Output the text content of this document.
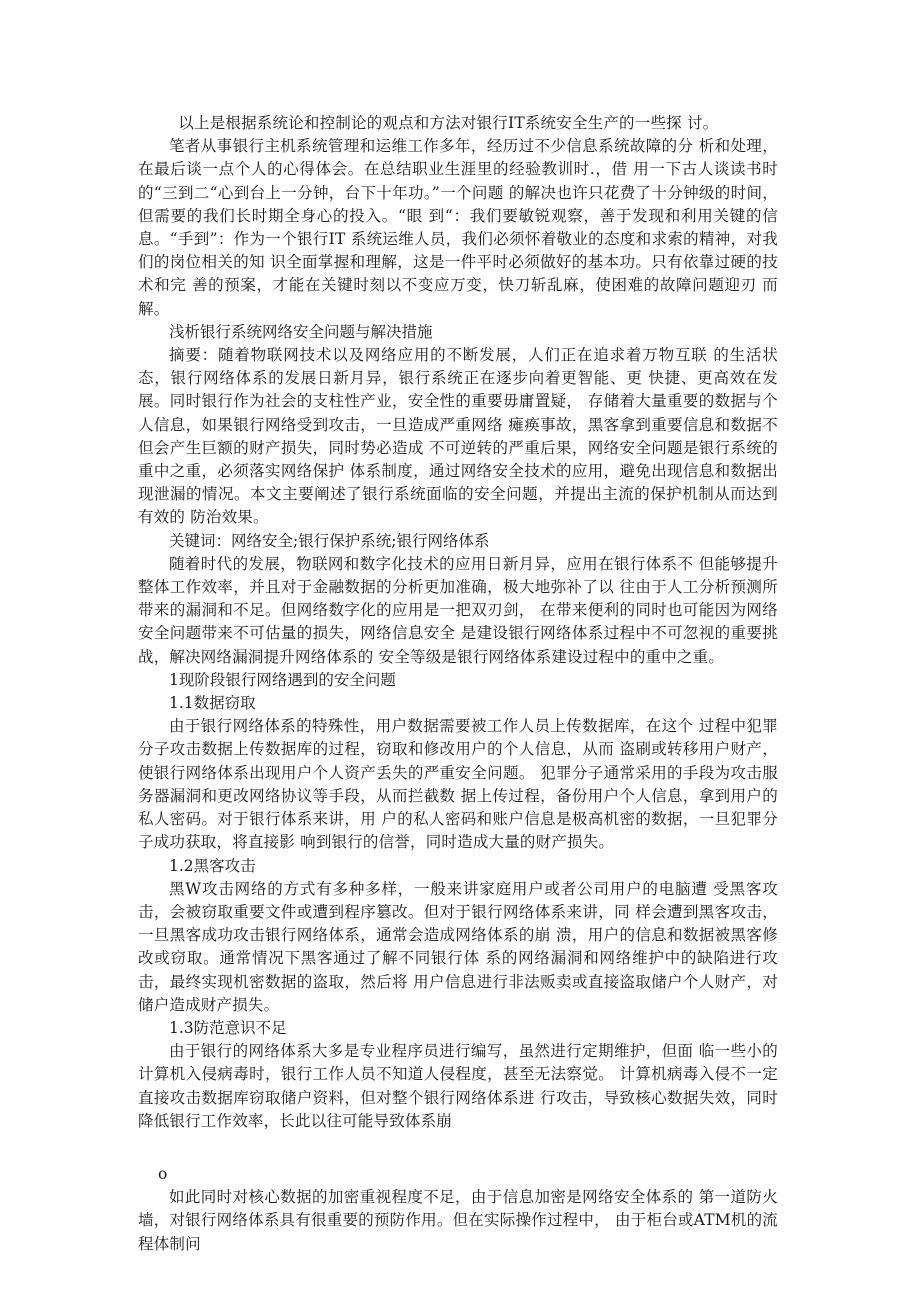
以上是根据系统论和控制论的观点和方法对银行IT系统安全生产的一些探 讨。

笔者从事银行主机系统管理和运维工作多年，经历过不少信息系统故障的分 析和处理，在最后谈一点个人的心得体会。在总结职业生涯里的经验教训时.，借 用一下古人谈读书时的“三到二“心到台上一分钟，台下十年功。”一个问题 的解决也许只花费了十分钟级的时间，但需要的我们长时期全身心的投入。“眼 到“：我们要敏锐观察，善于发现和利用关键的信息。“手到”：作为一个银行IT 系统运维人员，我们必须怀着敬业的态度和求索的精神，对我们的岗位相关的知 识全面掌握和理解，这是一件平时必须做好的基本功。只有依靠过硬的技术和完 善的预案，才能在关键时刻以不变应万变，快刀斩乱麻，使困难的故障问题迎刃 而解。

浅析银行系统网络安全问题与解决措施

摘要：随着物联网技术以及网络应用的不断发展，人们正在追求着万物互联 的生活状态，银行网络体系的发展日新月异，银行系统正在逐步向着更智能、更 快捷、更高效在发展。同时银行作为社会的支柱性产业，安全性的重要毋庸置疑， 存储着大量重要的数据与个人信息，如果银行网络受到攻击，一旦造成严重网络 瘫痪事故，黑客拿到重要信息和数据不但会产生巨额的财产损失，同时势必造成 不可逆转的严重后果，网络安全问题是银行系统的重中之重，必须落实网络保护 体系制度，通过网络安全技术的应用，避免出现信息和数据出现泄漏的情况。本文主要阐述了银行系统面临的安全问题，并提出主流的保护机制从而达到有效的 防治效果。

关键词：网络安全;银行保护系统;银行网络体系

随着时代的发展，物联网和数字化技术的应用日新月异，应用在银行体系不 但能够提升整体工作效率，并且对于金融数据的分析更加准确，极大地弥补了以 往由于人工分析预测所带来的漏洞和不足。但网络数字化的应用是一把双刃剑， 在带来便利的同时也可能因为网络安全问题带来不可估量的损失，网络信息安全 是建设银行网络体系过程中不可忽视的重要挑战，解决网络漏洞提升网络体系的 安全等级是银行网络体系建设过程中的重中之重。

1现阶段银行网络遇到的安全问题

1.1数据窃取

由于银行网络体系的特殊性，用户数据需要被工作人员上传数据库，在这个 过程中犯罪分子攻击数据上传数据库的过程，窃取和修改用户的个人信息，从而 盗刷或转移用户财产，使银行网络体系出现用户个人资产丢失的严重安全问题。 犯罪分子通常采用的手段为攻击服务器漏洞和更改网络协议等手段，从而拦截数 据上传过程，备份用户个人信息，拿到用户的私人密码。对于银行体系来讲，用 户的私人密码和账户信息是极高机密的数据，一旦犯罪分子成功获取，将直接影 响到银行的信誉，同时造成大量的财产损失。

1.2黑客攻击

黑W攻击网络的方式有多种多样，一般来讲家庭用户或者公司用户的电脑遭 受黑客攻击，会被窃取重要文件或遭到程序篡改。但对于银行网络体系来讲，同 样会遭到黑客攻击，一旦黑客成功攻击银行网络体系，通常会造成网络体系的崩 溃，用户的信息和数据被黑客修改或窃取。通常情况下黑客通过了解不同银行体 系的网络漏洞和网络维护中的缺陷进行攻击，最终实现机密数据的盗取，然后将 用户信息进行非法贩卖或直接盗取储户个人财产，对储户造成财产损失。

1.3防范意识不足

由于银行的网络体系大多是专业程序员进行编写，虽然进行定期维护，但面 临一些小的计算机入侵病毒时，银行工作人员不知道人侵程度，甚至无法察觉。 计算机病毒入侵不一定直接攻击数据库窃取储户资料，但对整个银行网络体系进 行攻击，导致核心数据失效，同时降低银行工作效率，长此以往可能导致体系崩

o

如此同时对核心数据的加密重视程度不足，由于信息加密是网络安全体系的 第一道防火墙，对银行网络体系具有很重要的预防作用。但在实际操作过程中， 由于柜台或ATM机的流程体制问
